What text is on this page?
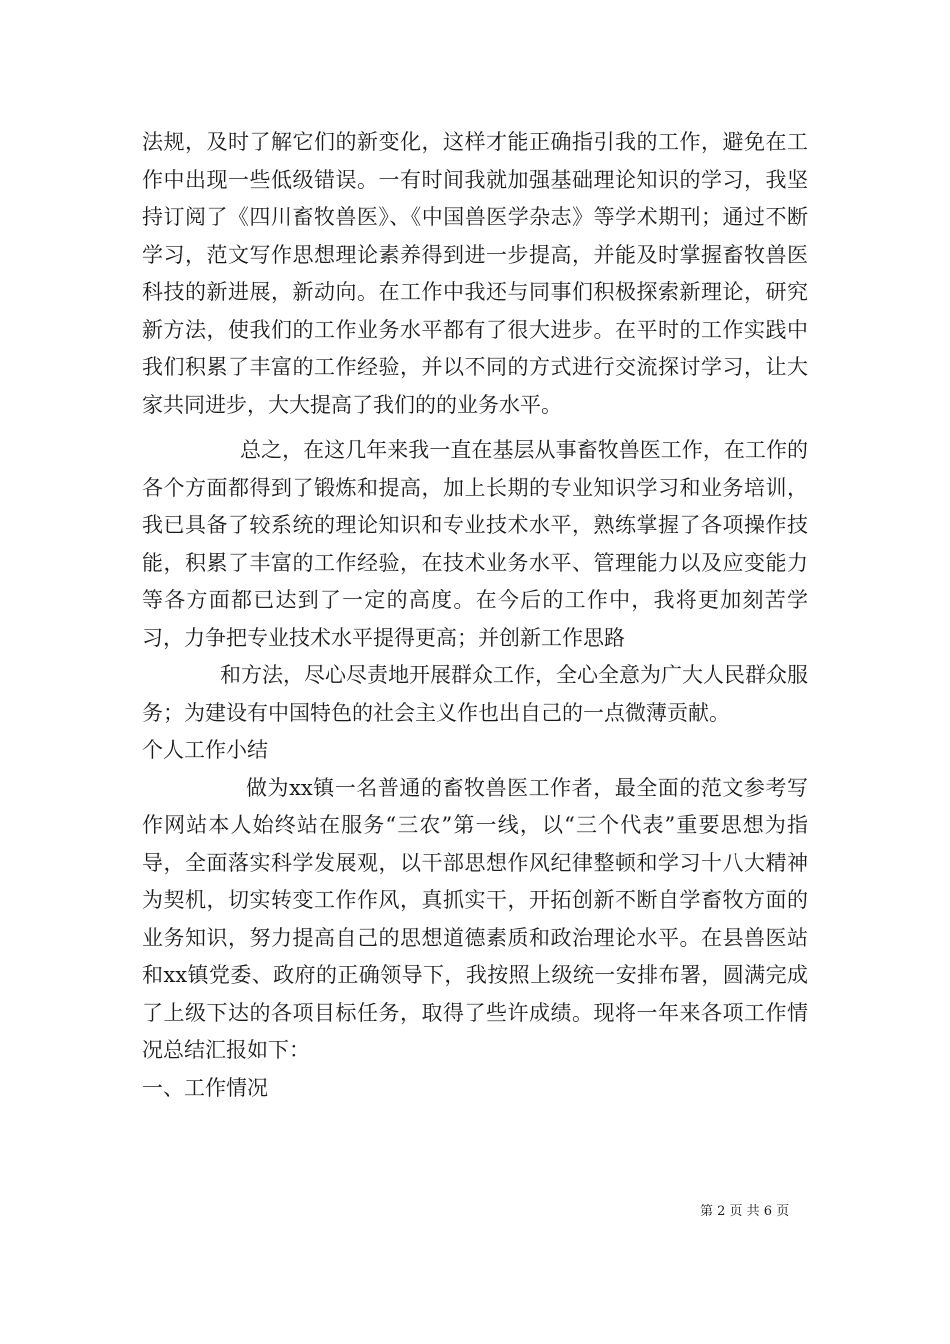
法规，及时了解它们的新变化，这样才能正确指引我的工作，避免在工作中出现一些低级错误。一有时间我就加强基础理论知识的学习，我坚持订阅了《四川畜牧兽医》、《中国兽医学杂志》等学术期刊；通过不断学习，范文写作思想理论素养得到进一步提高，并能及时掌握畜牧兽医科技的新进展，新动向。在工作中我还与同事们积极探索新理论，研究新方法，使我们的工作业务水平都有了很大进步。在平时的工作实践中我们积累了丰富的工作经验，并以不同的方式进行交流探讨学习，让大家共同进步，大大提高了我们的的业务水平。

总之，在这几年来我一直在基层从事畜牧兽医工作，在工作的各个方面都得到了锻炼和提高，加上长期的专业知识学习和业务培训，我已具备了较系统的理论知识和专业技术水平，熟练掌握了各项操作技能，积累了丰富的工作经验，在技术业务水平、管理能力以及应变能力等各方面都已达到了一定的高度。在今后的工作中，我将更加刻苦学习，力争把专业技术水平提得更高；并创新工作思路

和方法，尽心尽责地开展群众工作，全心全意为广大人民群众服务；为建设有中国特色的社会主义作也出自己的一点微薄贡献。

个人工作小结

做为xx镇一名普通的畜牧兽医工作者，最全面的范文参考写作网站本人始终站在服务“三农”第一线，以“三个代表”重要思想为指导，全面落实科学发展观，以干部思想作风纪律整顿和学习十八大精神为契机，切实转变工作作风，真抓实干，开拓创新不断自学畜牧方面的业务知识，努力提高自己的思想道德素质和政治理论水平。在县兽医站和xx镇党委、政府的正确领导下，我按照上级统一安排布署，圆满完成了上级下达的各项目标任务，取得了些许成绩。现将一年来各项工作情况总结汇报如下：

一、工作情况

第 2 页 共 6 页
